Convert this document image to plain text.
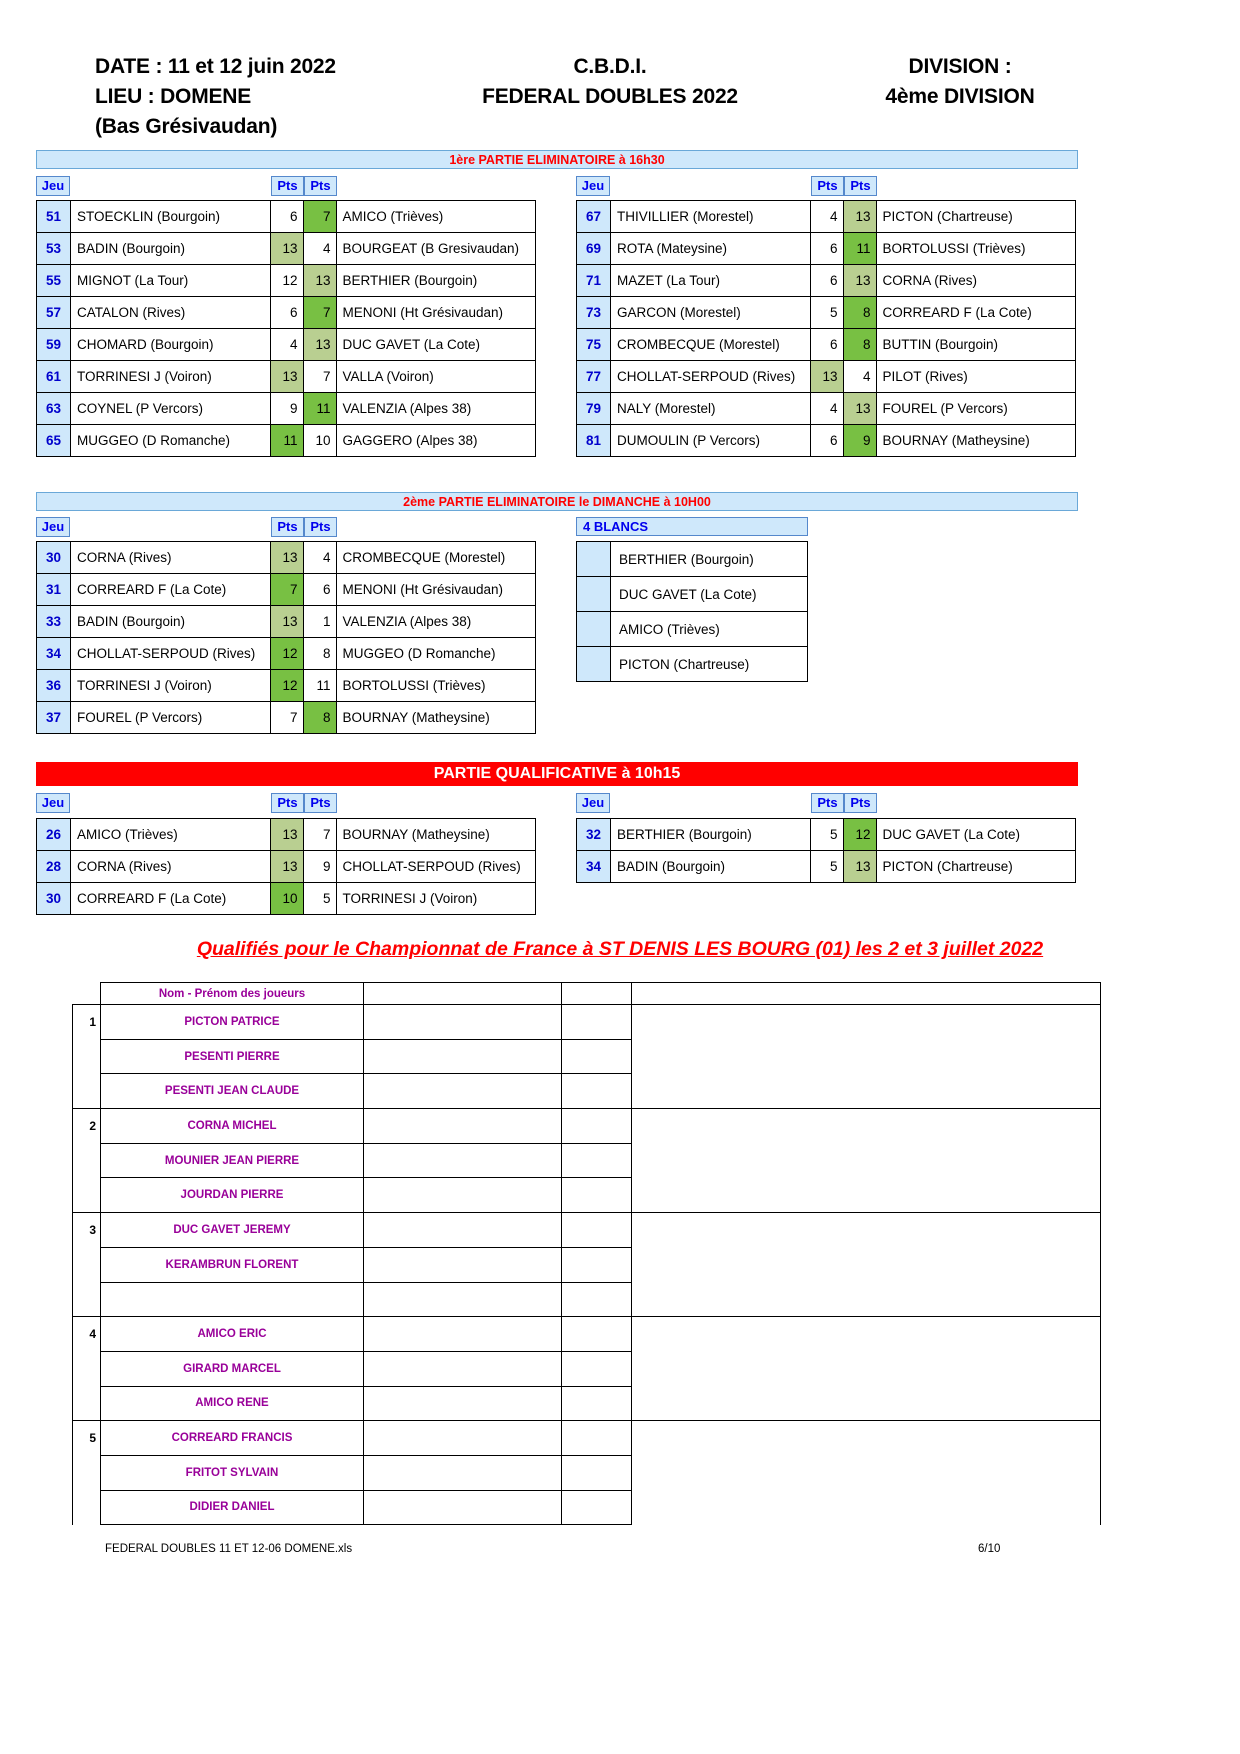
DATE : 11 et 12 juin 2022
LIEU : DOMENE
(Bas Grésivaudan)
C.B.D.I.
FEDERAL DOUBLES 2022
DIVISION :
4ème DIVISION
1ère PARTIE ELIMINATOIRE à 16h30
Jeu	Pts Pts	Jeu	Pts Pts
51	STOECKLIN (Bourgoin)	6	7	AMICO (Trièves)
53	BADIN (Bourgoin)	13	4	BOURGEAT (B Gresivaudan)
55	MIGNOT (La Tour)	12	13	BERTHIER (Bourgoin)
57	CATALON (Rives)	6	7	MENONI (Ht Grésivaudan)
59	CHOMARD (Bourgoin)	4	13	DUC GAVET (La Cote)
61	TORRINESI J (Voiron)	13	7	VALLA (Voiron)
63	COYNEL (P Vercors)	9	11	VALENZIA (Alpes 38)
65	MUGGEO (D Romanche)	11	10	GAGGERO (Alpes 38)
67	THIVILLIER (Morestel)	4	13	PICTON (Chartreuse)
69	ROTA (Mateysine)	6	11	BORTOLUSSI (Trièves)
71	MAZET (La Tour)	6	13	CORNA (Rives)
73	GARCON (Morestel)	5	8	CORREARD F (La Cote)
75	CROMBECQUE (Morestel)	6	8	BUTTIN (Bourgoin)
77	CHOLLAT-SERPOUD (Rives)	13	4	PILOT (Rives)
79	NALY (Morestel)	4	13	FOUREL (P Vercors)
81	DUMOULIN (P Vercors)	6	9	BOURNAY (Matheysine)
2ème PARTIE ELIMINATOIRE le DIMANCHE à 10H00
Jeu	Pts Pts	4 BLANCS
30	CORNA (Rives)	13	4	CROMBECQUE (Morestel)
31	CORREARD F (La Cote)	7	6	MENONI (Ht Grésivaudan)
33	BADIN (Bourgoin)	13	1	VALENZIA (Alpes 38)
34	CHOLLAT-SERPOUD (Rives)	12	8	MUGGEO (D Romanche)
36	TORRINESI J (Voiron)	12	11	BORTOLUSSI (Trièves)
37	FOUREL (P Vercors)	7	8	BOURNAY (Matheysine)
	BERTHIER (Bourgoin)
	DUC GAVET (La Cote)
	AMICO (Trièves)
	PICTON (Chartreuse)
PARTIE QUALIFICATIVE à 10h15
Jeu	Pts Pts	Jeu	Pts Pts
26	AMICO (Trièves)	13	7	BOURNAY (Matheysine)
28	CORNA (Rives)	13	9	CHOLLAT-SERPOUD (Rives)
30	CORREARD F (La Cote)	10	5	TORRINESI J (Voiron)
32	BERTHIER (Bourgoin)	5	12	DUC GAVET (La Cote)
34	BADIN (Bourgoin)	5	13	PICTON (Chartreuse)
Qualifiés pour le Championnat de France à ST DENIS LES BOURG (01) les 2 et 3 juillet 2022
	Nom - Prénom des joueurs			
1	PICTON PATRICE			
	PESENTI PIERRE			
	PESENTI JEAN CLAUDE			
2	CORNA MICHEL			
	MOUNIER JEAN PIERRE			
	JOURDAN PIERRE			
3	DUC GAVET JEREMY			
	KERAMBRUN FLORENT			

4	AMICO ERIC			
	GIRARD MARCEL			
	AMICO RENE			
5	CORREARD FRANCIS			
	FRITOT SYLVAIN			
	DIDIER DANIEL			
FEDERAL DOUBLES 11 ET 12-06 DOMENE.xls	6/10
